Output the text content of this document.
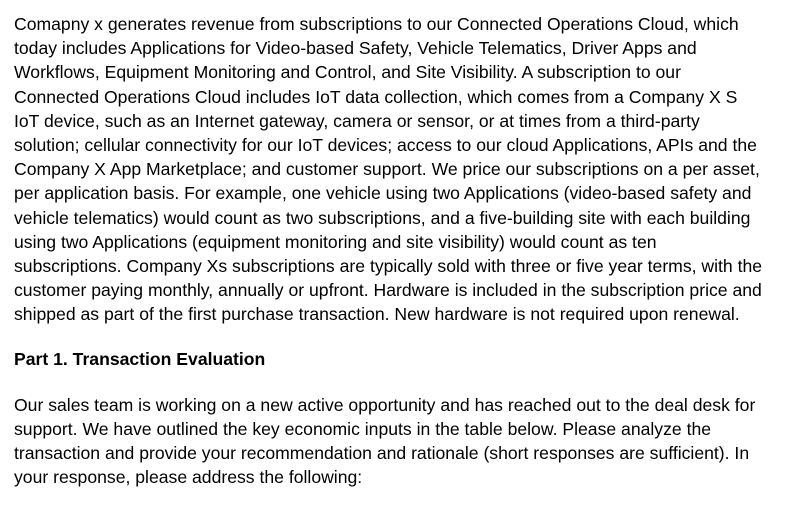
Comapny x generates revenue from subscriptions to our Connected Operations Cloud, which
today includes Applications for Video-based Safety, Vehicle Telematics, Driver Apps and
Workflows, Equipment Monitoring and Control, and Site Visibility. A subscription to our
Connected Operations Cloud includes IoT data collection, which comes from a Company X S
IoT device, such as an Internet gateway, camera or sensor, or at times from a third-party
solution; cellular connectivity for our IoT devices; access to our cloud Applications, APIs and the
Company X App Marketplace; and customer support. We price our subscriptions on a per asset,
per application basis. For example, one vehicle using two Applications (video-based safety and
vehicle telematics) would count as two subscriptions, and a five-building site with each building
using two Applications (equipment monitoring and site visibility) would count as ten
subscriptions. Company Xs subscriptions are typically sold with three or five year terms, with the
customer paying monthly, annually or upfront. Hardware is included in the subscription price and
shipped as part of the first purchase transaction. New hardware is not required upon renewal.

Part 1. Transaction Evaluation

Our sales team is working on a new active opportunity and has reached out to the deal desk for
support. We have outlined the key economic inputs in the table below. Please analyze the
transaction and provide your recommendation and rationale (short responses are sufficient). In
your response, please address the following:
